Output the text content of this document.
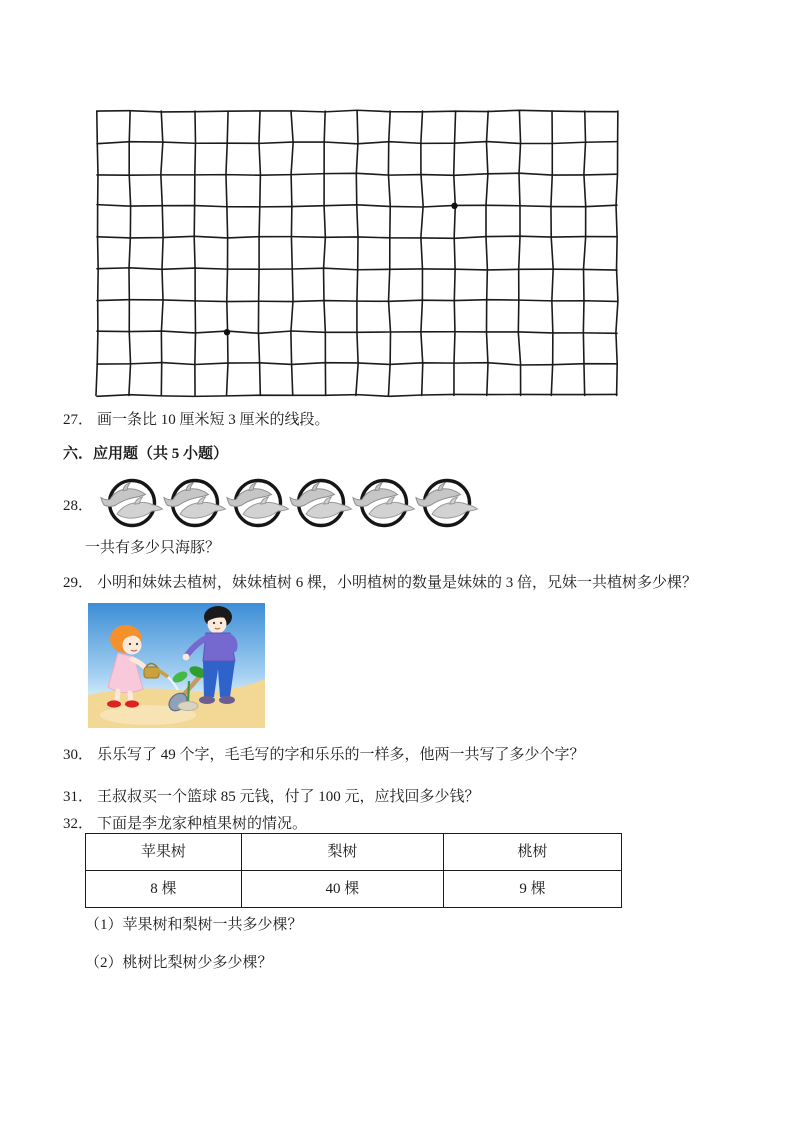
27． 画一条比 10 厘米短 3 厘米的线段。
六．应用题（共 5 小题）
28．
一共有多少只海豚？
29． 小明和妹妹去植树，妹妹植树 6 棵，小明植树的数量是妹妹的 3 倍，兄妹一共植树多少棵？
30． 乐乐写了 49 个字，毛毛写的字和乐乐的一样多，他两一共写了多少个字？
31． 王叔叔买一个篮球 85 元钱，付了 100 元，应找回多少钱？
32． 下面是李龙家种植果树的情况。
苹果树	梨树	桃树
8 棵	40 棵	9 棵
（1）苹果树和梨树一共多少棵？
（2）桃树比梨树少多少棵？
